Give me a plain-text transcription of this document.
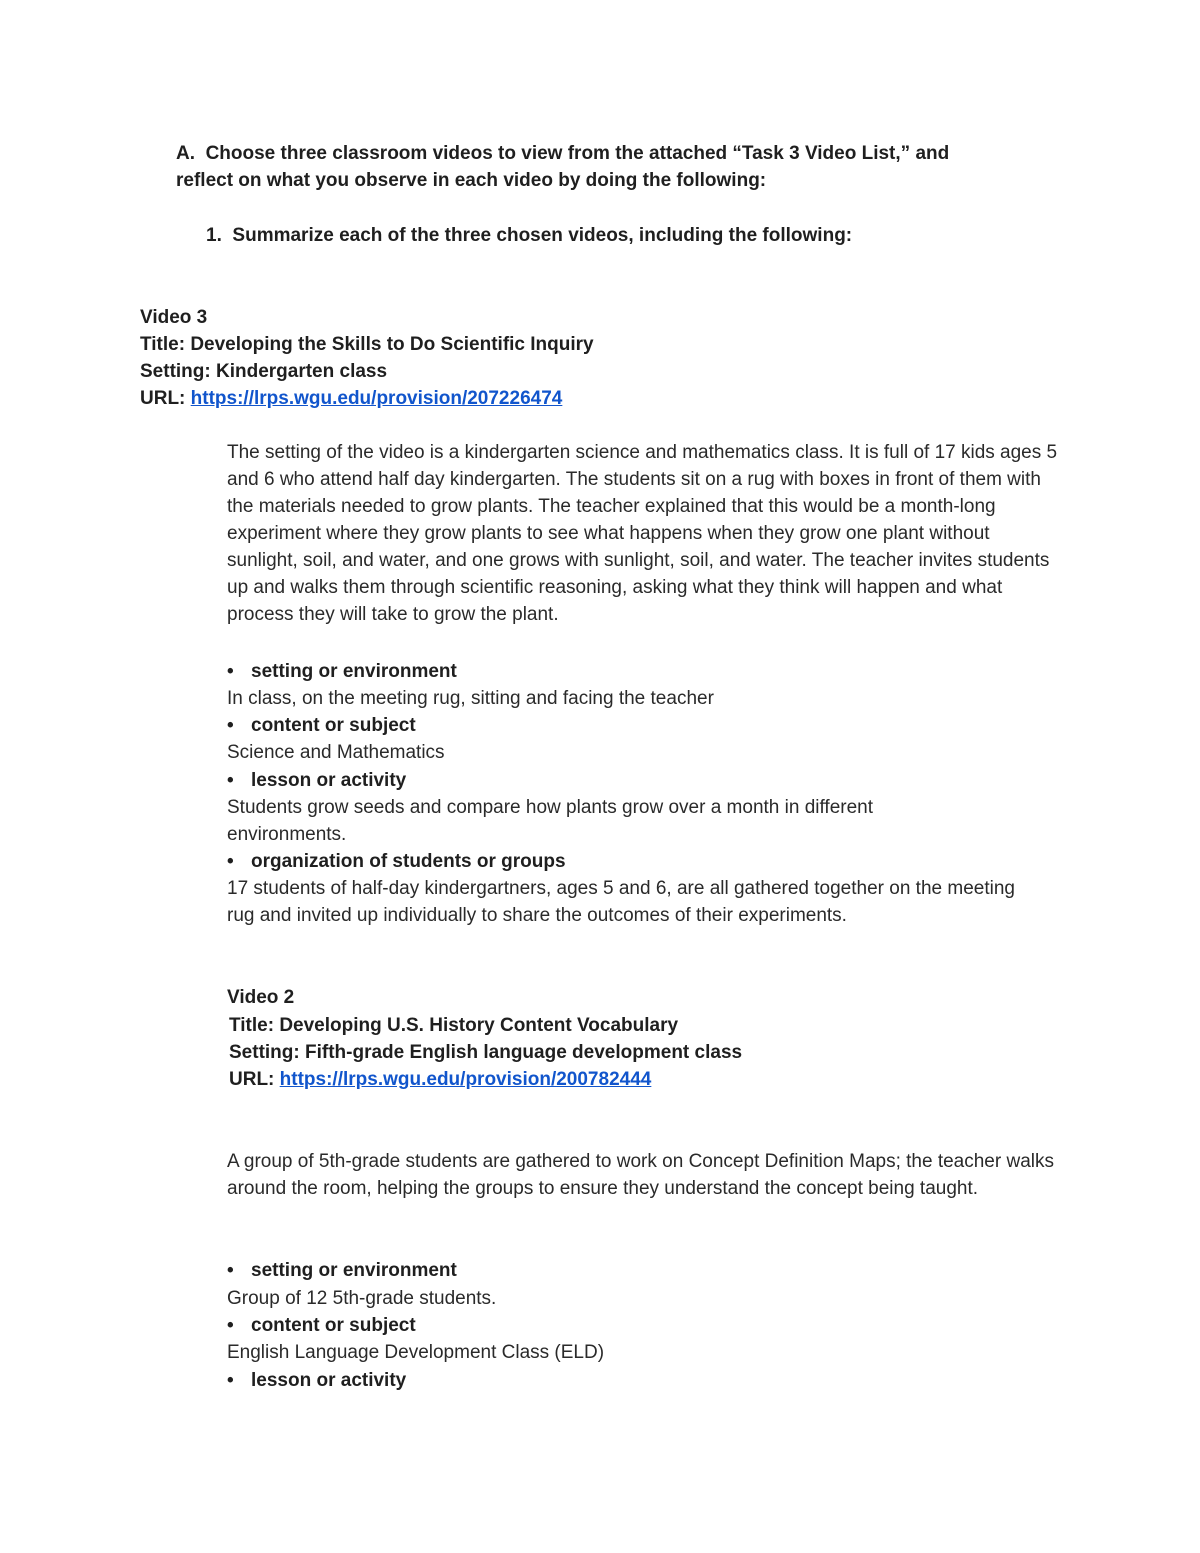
A. Choose three classroom videos to view from the attached “Task 3 Video List,” and
reflect on what you observe in each video by doing the following:
1. Summarize each of the three chosen videos, including the following:
Video 3
Title: Developing the Skills to Do Scientific Inquiry
Setting: Kindergarten class
URL: https://lrps.wgu.edu/provision/207226474
The setting of the video is a kindergarten science and mathematics class. It is full of 17 kids ages 5 and 6 who attend half day kindergarten. The students sit on a rug with boxes in front of them with the materials needed to grow plants. The teacher explained that this would be a month-long experiment where they grow plants to see what happens when they grow one plant without sunlight, soil, and water, and one grows with sunlight, soil, and water. The teacher invites students up and walks them through scientific reasoning, asking what they think will happen and what process they will take to grow the plant.
• setting or environment
In class, on the meeting rug, sitting and facing the teacher
• content or subject
Science and Mathematics
• lesson or activity
Students grow seeds and compare how plants grow over a month in different environments.
• organization of students or groups
17 students of half-day kindergartners, ages 5 and 6, are all gathered together on the meeting rug and invited up individually to share the outcomes of their experiments.
Video 2
Title: Developing U.S. History Content Vocabulary
Setting: Fifth-grade English language development class
URL: https://lrps.wgu.edu/provision/200782444
A group of 5th-grade students are gathered to work on Concept Definition Maps; the teacher walks around the room, helping the groups to ensure they understand the concept being taught.
• setting or environment
Group of 12 5th-grade students.
• content or subject
English Language Development Class (ELD)
• lesson or activity
